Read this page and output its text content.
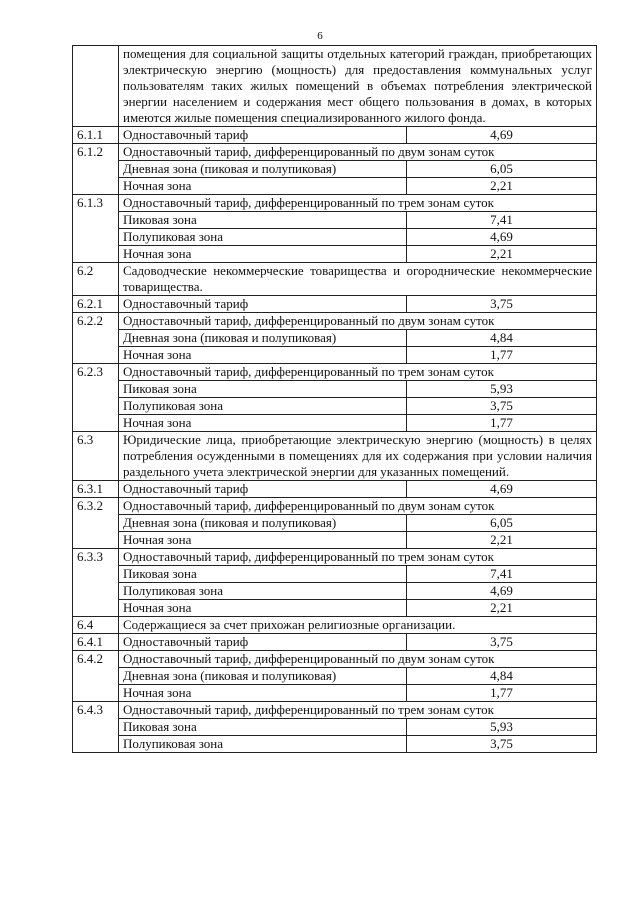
6
	помещения для социальной защиты отдельных категорий граждан, приобретающих электрическую энергию (мощность) для предоставления коммунальных услуг пользователям таких жилых помещений в объемах потребления электрической энергии населением и содержания мест общего пользования в домах, в которых имеются жилые помещения специализированного жилого фонда.	
6.1.1	Одноставочный тариф	4,69
6.1.2	Одноставочный тариф, дифференцированный по двум зонам суток	
	Дневная зона (пиковая и полупиковая)	6,05
	Ночная зона	2,21
6.1.3	Одноставочный тариф, дифференцированный по трем зонам суток	
	Пиковая зона	7,41
	Полупиковая зона	4,69
	Ночная зона	2,21
6.2	Садоводческие некоммерческие товарищества и огороднические некоммерческие товарищества.	
6.2.1	Одноставочный тариф	3,75
6.2.2	Одноставочный тариф, дифференцированный по двум зонам суток	
	Дневная зона (пиковая и полупиковая)	4,84
	Ночная зона	1,77
6.2.3	Одноставочный тариф, дифференцированный по трем зонам суток	
	Пиковая зона	5,93
	Полупиковая зона	3,75
	Ночная зона	1,77
6.3	Юридические лица, приобретающие электрическую энергию (мощность) в целях потребления осужденными в помещениях для их содержания при условии наличия раздельного учета электрической энергии для указанных помещений.	
6.3.1	Одноставочный тариф	4,69
6.3.2	Одноставочный тариф, дифференцированный по двум зонам суток	
	Дневная зона (пиковая и полупиковая)	6,05
	Ночная зона	2,21
6.3.3	Одноставочный тариф, дифференцированный по трем зонам суток	
	Пиковая зона	7,41
	Полупиковая зона	4,69
	Ночная зона	2,21
6.4	Содержащиеся за счет прихожан религиозные организации.	
6.4.1	Одноставочный тариф	3,75
6.4.2	Одноставочный тариф, дифференцированный по двум зонам суток	
	Дневная зона (пиковая и полупиковая)	4,84
	Ночная зона	1,77
6.4.3	Одноставочный тариф, дифференцированный по трем зонам суток	
	Пиковая зона	5,93
	Полупиковая зона	3,75
